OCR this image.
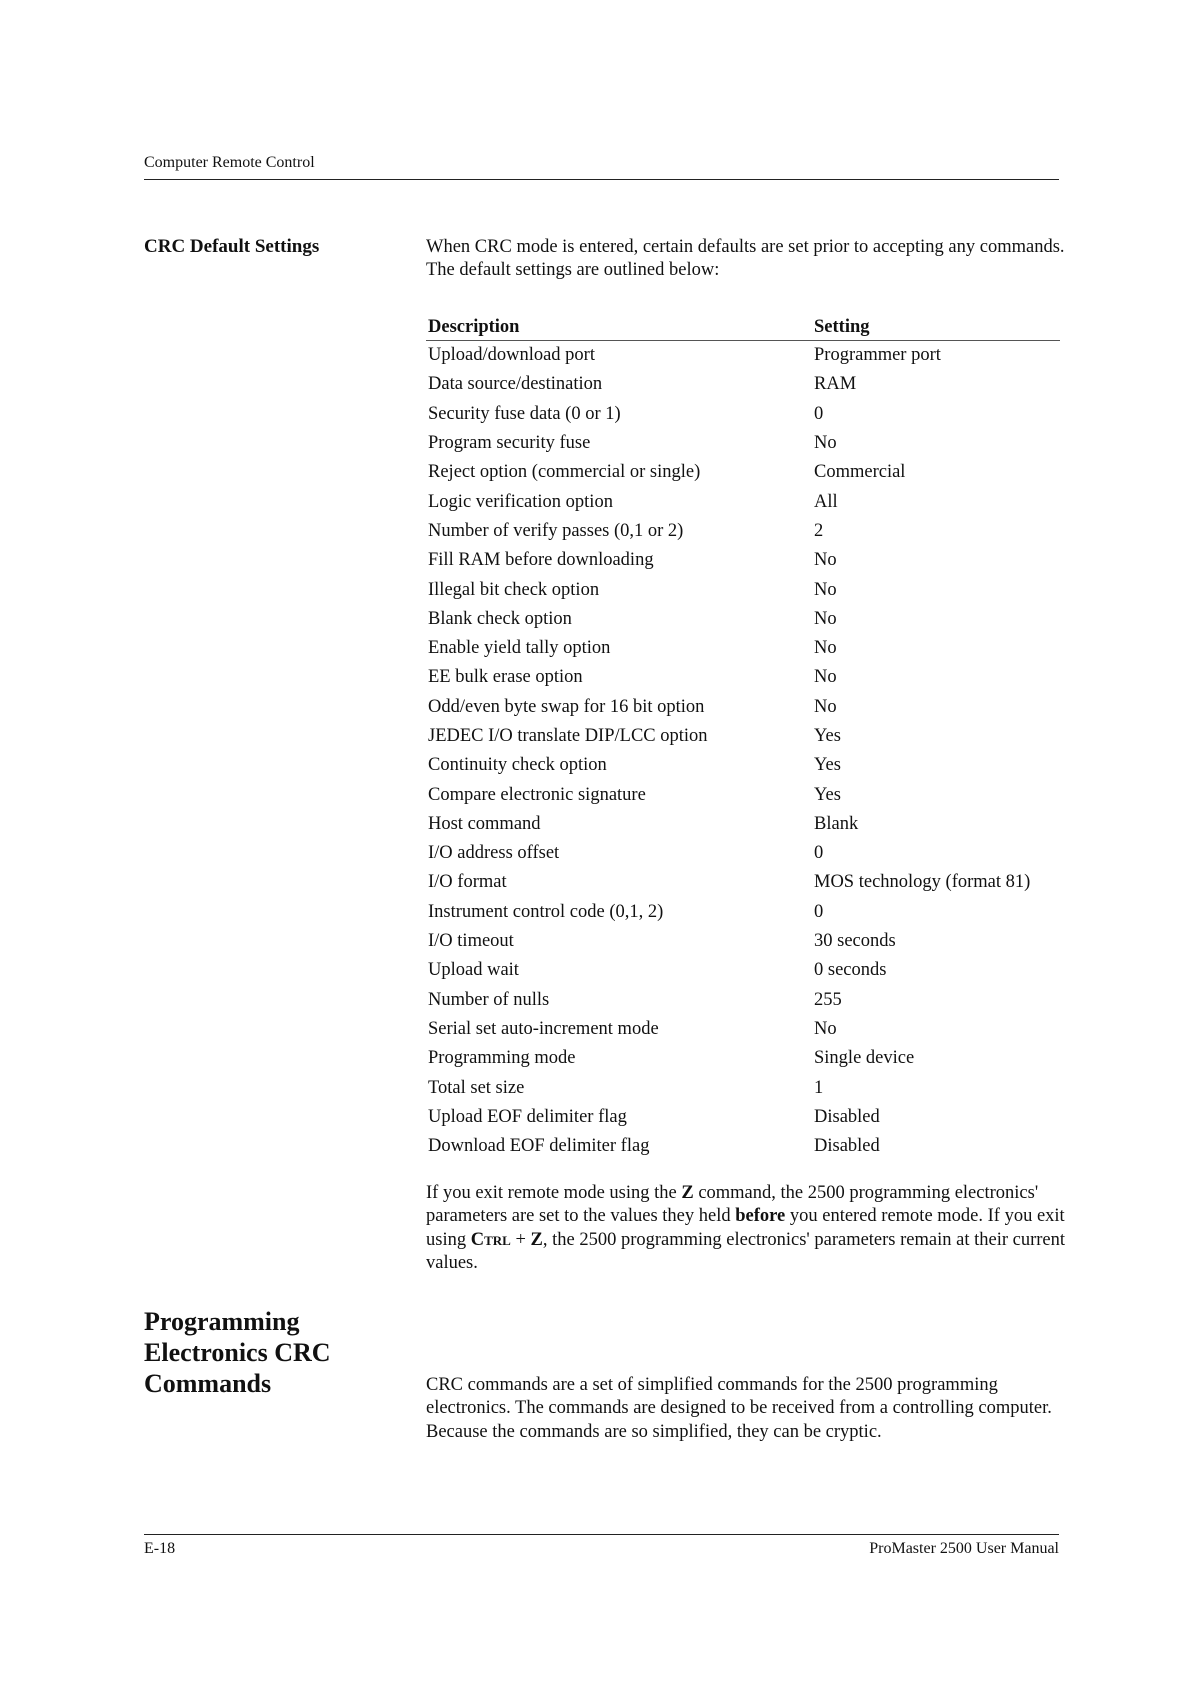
Computer Remote Control
CRC Default Settings	When CRC mode is entered, certain defaults are set prior to accepting any commands. The default settings are outlined below:
Description	Setting
Upload/download port	Programmer port
Data source/destination	RAM
Security fuse data (0 or 1)	0
Program security fuse	No
Reject option (commercial or single)	Commercial
Logic verification option	All
Number of verify passes (0,1 or 2)	2
Fill RAM before downloading	No
Illegal bit check option	No
Blank check option	No
Enable yield tally option	No
EE bulk erase option	No
Odd/even byte swap for 16 bit option	No
JEDEC I/O translate DIP/LCC option	Yes
Continuity check option	Yes
Compare electronic signature	Yes
Host command	Blank
I/O address offset	0
I/O format	MOS technology (format 81)
Instrument control code (0,1, 2)	0
I/O timeout	30 seconds
Upload wait	0 seconds
Number of nulls	255
Serial set auto-increment mode	No
Programming mode	Single device
Total set size	1
Upload EOF delimiter flag	Disabled
Download EOF delimiter flag	Disabled
If you exit remote mode using the Z command, the 2500 programming electronics' parameters are set to the values they held before you entered remote mode. If you exit using Ctrl + Z, the 2500 programming electronics' parameters remain at their current values.
Programming Electronics CRC Commands	CRC commands are a set of simplified commands for the 2500 programming electronics. The commands are designed to be received from a controlling computer. Because the commands are so simplified, they can be cryptic.
E-18	ProMaster 2500 User Manual
